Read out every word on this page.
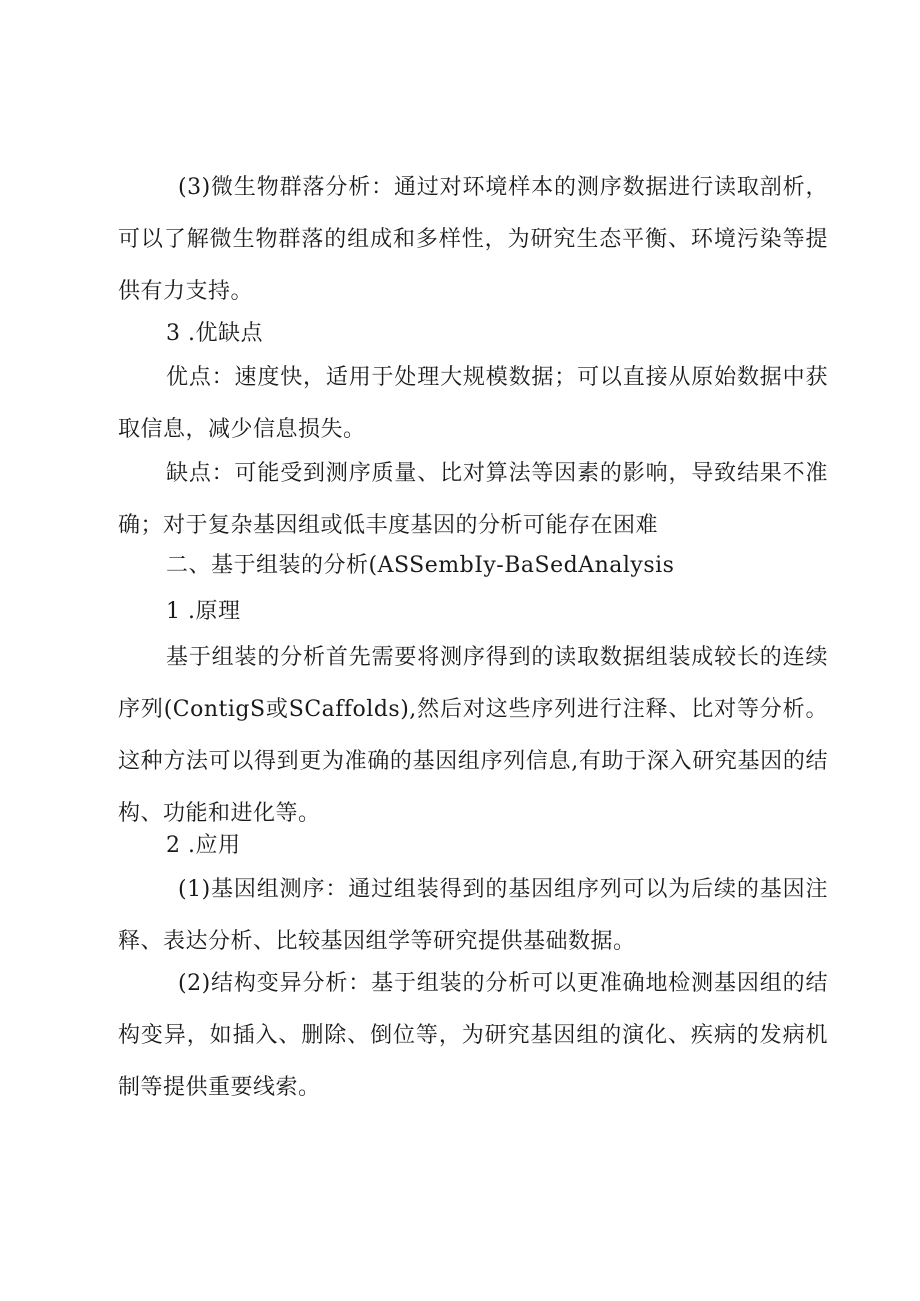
(3)微生物群落分析：通过对环境样本的测序数据进行读取剖析，可以了解微生物群落的组成和多样性，为研究生态平衡、环境污染等提供有力支持。

3 .优缺点

优点：速度快，适用于处理大规模数据；可以直接从原始数据中获取信息，减少信息损失。

缺点：可能受到测序质量、比对算法等因素的影响，导致结果不准确；对于复杂基因组或低丰度基因的分析可能存在困难

二、基于组装的分析(ASSembIy-BaSedAnalysis

1 .原理

基于组装的分析首先需要将测序得到的读取数据组装成较长的连续序列(ContigS或SCaffolds),然后对这些序列进行注释、比对等分析。这种方法可以得到更为准确的基因组序列信息,有助于深入研究基因的结构、功能和进化等。

2 .应用

(1)基因组测序：通过组装得到的基因组序列可以为后续的基因注释、表达分析、比较基因组学等研究提供基础数据。

(2)结构变异分析：基于组装的分析可以更准确地检测基因组的结构变异，如插入、删除、倒位等，为研究基因组的演化、疾病的发病机制等提供重要线索。
